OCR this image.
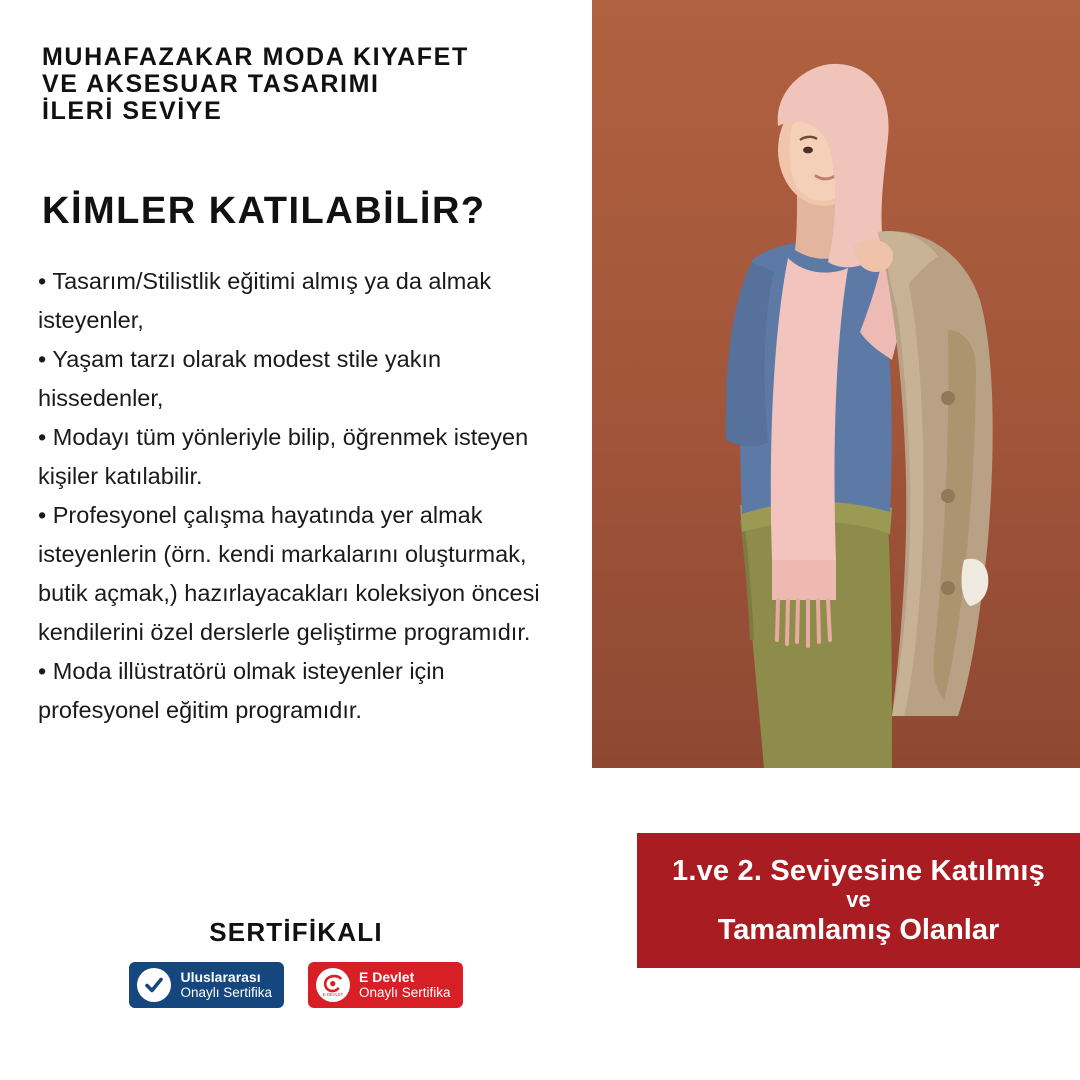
MUHAFAZAKAR MODA KIYAFET
VE AKSESUAR TASARIMI
İLERİ SEVİYE
KİMLER KATILABİLİR?

• Tasarım/Stilistlik eğitimi almış ya da almak isteyenler,

• Yaşam tarzı olarak modest stile yakın hissedenler,

• Modayı tüm yönleriyle bilip, öğrenmek isteyen kişiler katılabilir.

• Profesyonel çalışma hayatında yer almak isteyenlerin (örn. kendi markalarını oluşturmak, butik açmak,) hazırlayacakları koleksiyon öncesi kendilerini özel derslerle geliştirme programıdır.

• Moda illüstratörü olmak isteyenler için profesyonel eğitim programıdır.

SERTİFİKALI
Uluslararası
Onaylı Sertifika	E-DEVLET
E Devlet
Onaylı Sertifika
1.ve 2. Seviyesine Katılmış
ve
Tamamlamış Olanlar
